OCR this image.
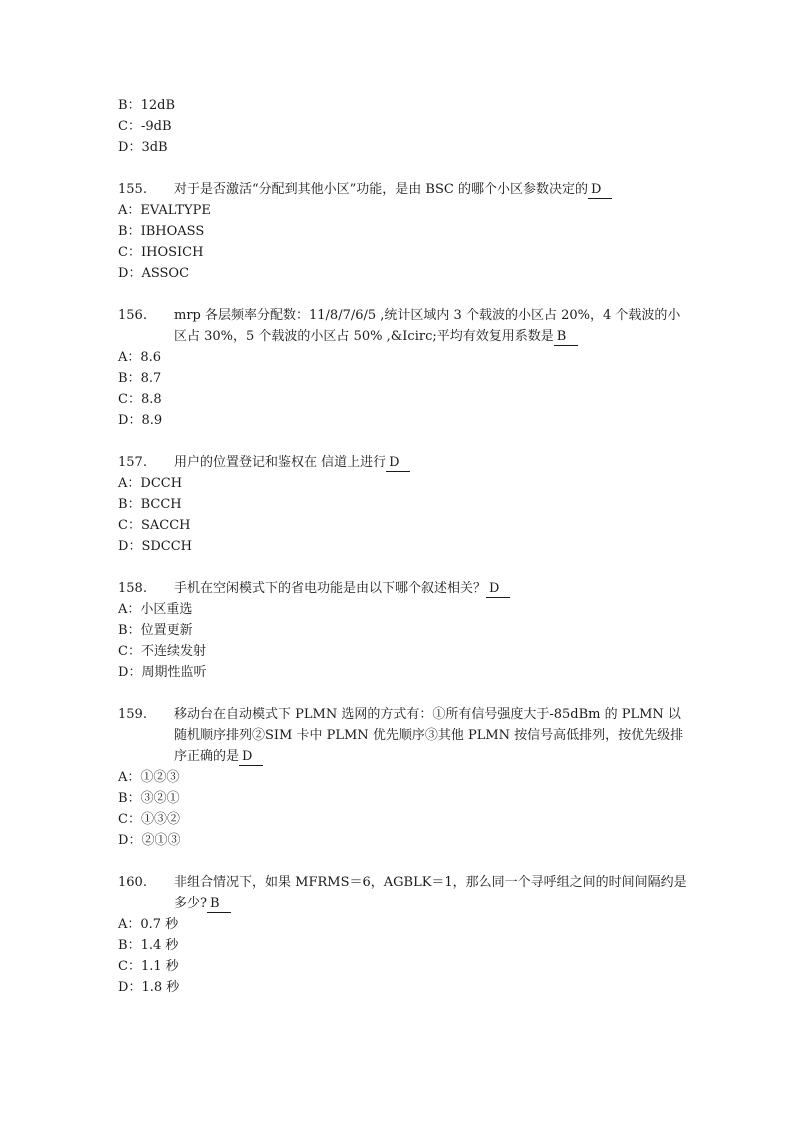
B：12dB

C：-9dB

D：3dB

155. 对于是否激活“分配到其他小区”功能，是由 BSC 的哪个小区参数决定的 D

A：EVALTYPE

B：IBHOASS

C：IHOSICH

D：ASSOC

156. mrp 各层频率分配数：11/8/7/6/5 ,统计区域内 3 个载波的小区占 20%，4 个载波的小区占 30%，5 个载波的小区占 50% ,&Icirc;平均有效复用系数是 B

A：8.6

B：8.7

C：8.8

D：8.9

157. 用户的位置登记和鉴权在 信道上进行 D

A：DCCH

B：BCCH

C：SACCH

D：SDCCH

158. 手机在空闲模式下的省电功能是由以下哪个叙述相关？ D

A：小区重选

B：位置更新

C：不连续发射

D：周期性监听

159. 移动台在自动模式下 PLMN 选网的方式有：①所有信号强度大于-85dBm 的 PLMN 以随机顺序排列②SIM 卡中 PLMN 优先顺序③其他 PLMN 按信号高低排列，按优先级排序正确的是 D

A：①②③

B：③②①

C：①③②

D：②①③

160. 非组合情况下，如果 MFRMS＝6，AGBLK＝1，那么同一个寻呼组之间的时间间隔约是多少? B

A：0.7 秒

B：1.4 秒

C：1.1 秒

D：1.8 秒
